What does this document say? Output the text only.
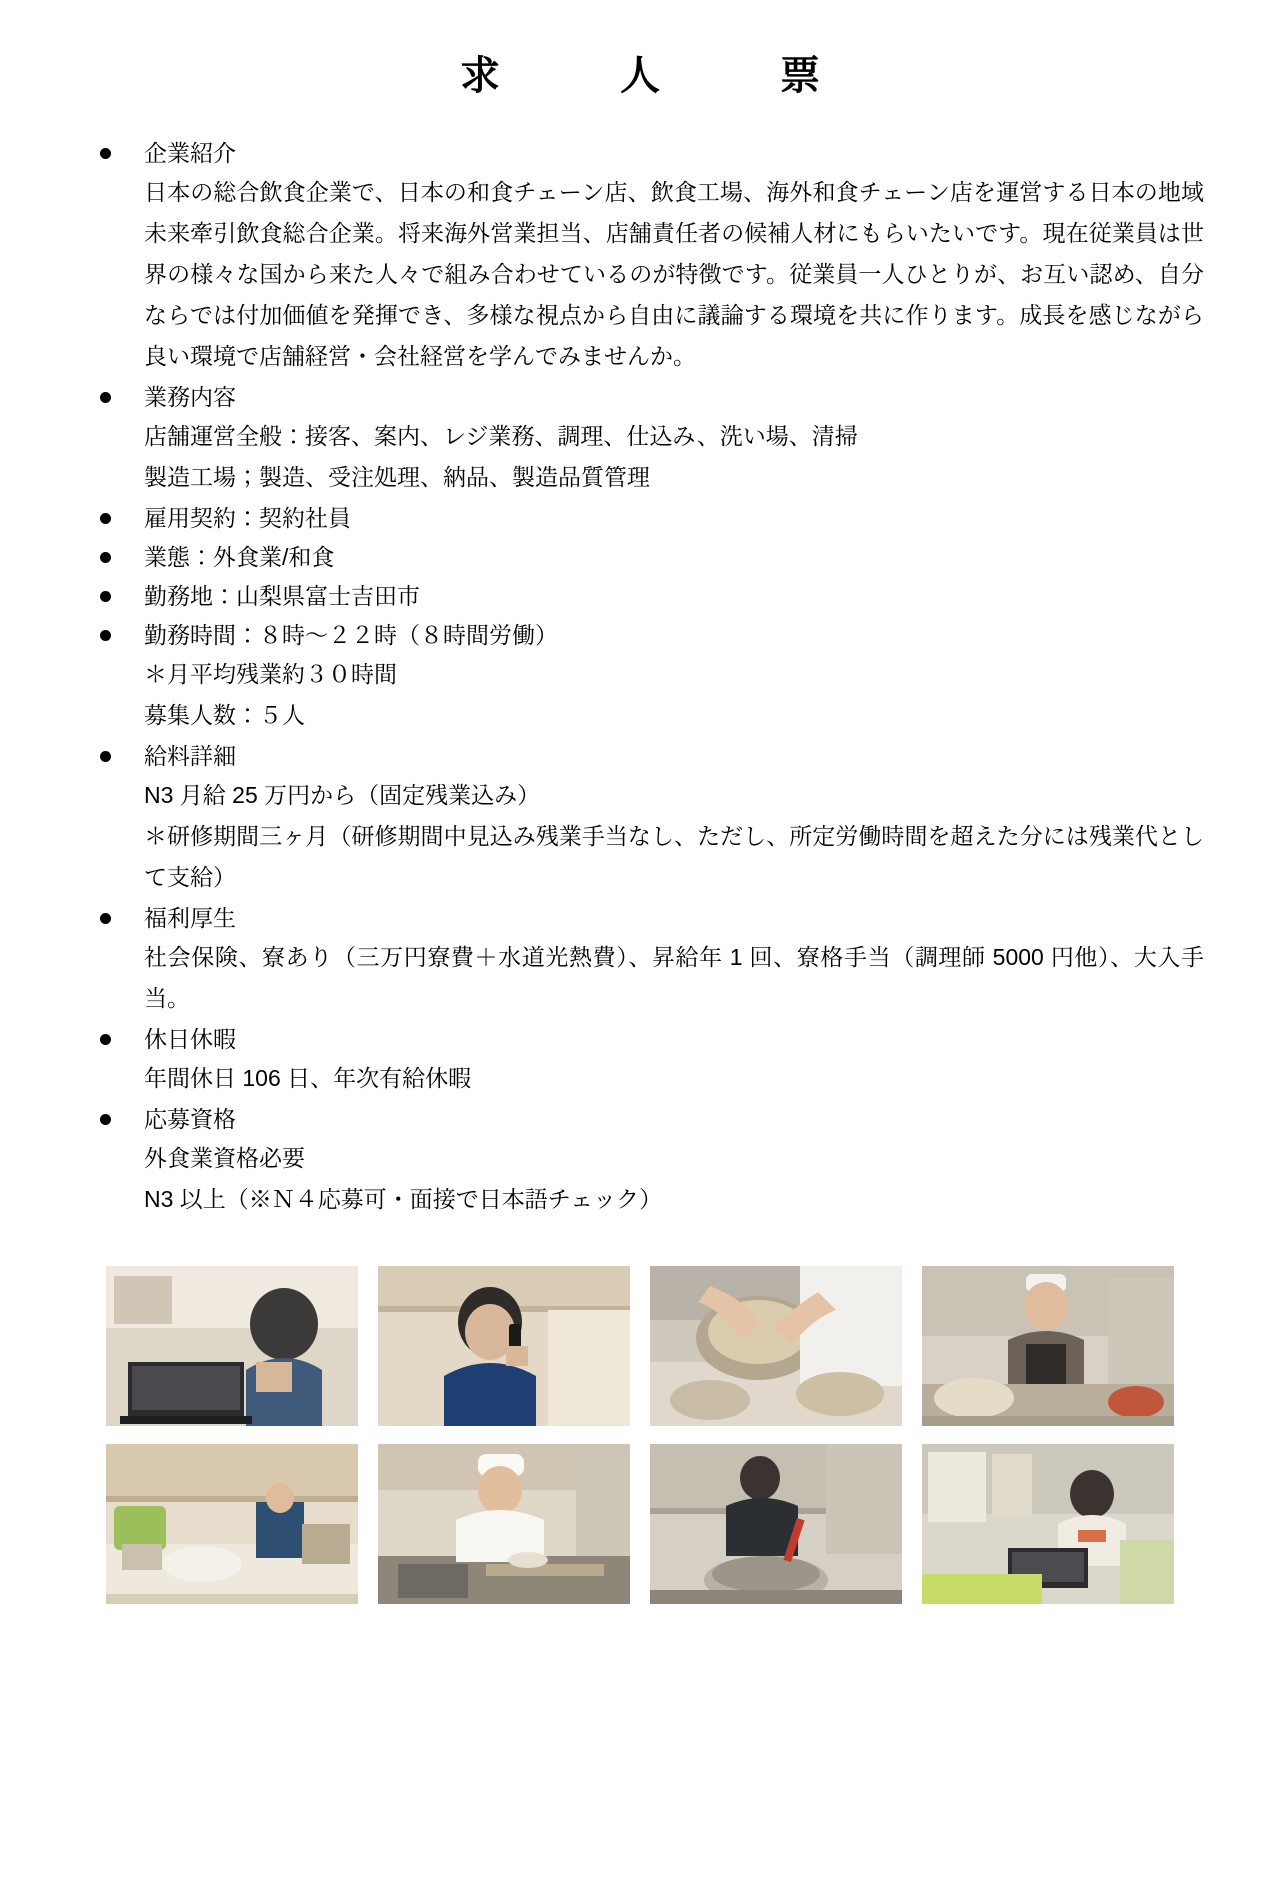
求　人　票
企業紹介

日本の総合飲食企業で、日本の和食チェーン店、飲食工場、海外和食チェーン店を運営する日本の地域未来牽引飲食総合企業。将来海外営業担当、店舗責任者の候補人材にもらいたいです。現在従業員は世界の様々な国から来た人々で組み合わせているのが特徴です。従業員一人ひとりが、お互い認め、自分ならでは付加価値を発揮でき、多様な視点から自由に議論する環境を共に作ります。成長を感じながら良い環境で店舗経営・会社経営を学んでみませんか。

業務内容

店舗運営全般：接客、案内、レジ業務、調理、仕込み、洗い場、清掃

製造工場；製造、受注処理、納品、製造品質管理

雇用契約：契約社員
業態：外食業/和食
勤務地：山梨県富士吉田市
勤務時間：８時〜２２時（８時間労働）

＊月平均残業約３０時間

募集人数：５人

給料詳細

N3 月給 25 万円から（固定残業込み）

＊研修期間三ヶ月（研修期間中見込み残業手当なし、ただし、所定労働時間を超えた分には残業代として支給）

福利厚生

社会保険、寮あり（三万円寮費＋水道光熱費）、昇給年 1 回、寮格手当（調理師 5000 円他）、大入手当。

休日休暇

年間休日 106 日、年次有給休暇

応募資格

外食業資格必要

N3 以上（※Ｎ４応募可・面接で日本語チェック）
